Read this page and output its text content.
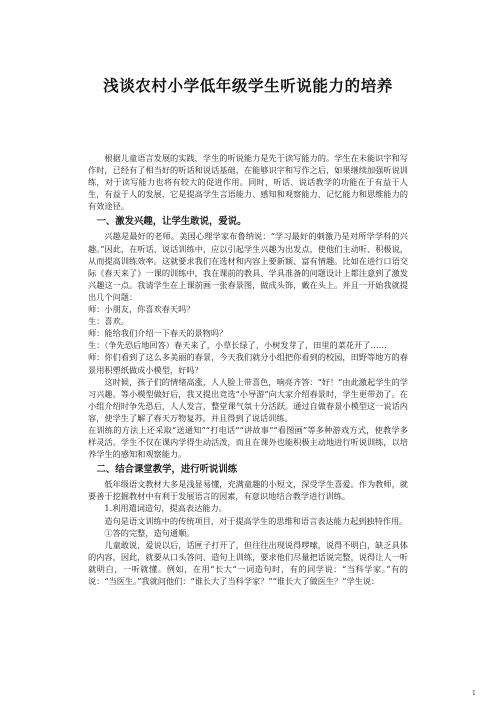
浅谈农村小学低年级学生听说能力的培养

根据儿童语言发展的实践，学生的听说能力是先于读写能力的。学生在未能识字和写作时，已经有了相当好的听话和说话基础，在能够识字和写作之后，如果继续加强听说训练，对于读写能力也将有较大的促进作用。同时，听话、说话教学的功能在于有益于人生，有益于人的发展，它是提高学生言语能力、感知和观察能力、记忆能力和思维能力的有效途径。

一、激发兴趣，让学生敢说，爱说。

兴趣是最好的老师。美国心理学家布鲁纳说：“学习最好的刺激乃是对所学学科的兴趣。”因此，在听话、说话训练中，应以引起学生兴趣为出发点，使他们主动听、积极说，从而提高训练效率。这就要求我们在选材和内容上要新颖、富有情趣。比如在进行口语交际《春天来了》一课的训练中，我在课前的教具、学具准备的问题设计上都注意到了激发兴趣这一点。我请学生在上课前画一张春景图，做成头饰，戴在头上。并且一开始我就提出几个问题：

师：小朋友，你喜欢春天吗？

生：喜欢。

师：能给我们介绍一下春天的景物吗？

生：（争先恐后地回答）春天来了，小草长绿了，小树发芽了，田里的菜花开了……

师：你们看到了这么多美丽的春景，今天我们就分小组把你看到的校园，田野等地方的春景用积塑纸做成小模型，好吗？

这时候，孩子们的情绪高涨，人人脸上带喜色，响亮齐答：“好！”由此激起学生的学习兴趣。等小模型做好后，我又提出竞选“小导游”向大家介绍春景时，学生更带劲了。在小组介绍时争先恐后，人人发言，整堂课气氛十分活跃。通过自做春景小模型这一说话内容，使学生了解了春天万物复苏，并且得到了说话训练。

在训练的方法上还采取“送通知”“打电话”“讲故事”“看图画”等多种游戏方式，使教学多样灵活。学生不仅在课内学得生动活泼，而且在课外也能积极主动地进行听说训练，以培养学生的感知和观察能力。

二、结合课堂教学，进行听说训练

低年级语文教材大多是浅显易懂，充满童趣的小短文，深受学生喜爱。作为教师，就要善于挖掘教材中有利于发展语言的因素，有意识地结合教学进行训练。

1.利用遣词造句，提高表达能力。

造句是语文训练中的传统项目，对于提高学生的思维和语言表达能力起到独特作用。

①答的完整，造句通顺。

儿童敢说，爱说以后，话匣子打开了，但往往出现说得啰嗦，说得不明白，缺乏具体的内容，因此，就要从口头答问、造句上训练，要求他们尽量把话说完整，说得让人一听就明白，一听就懂。例如，在用“长大”一词造句时，有的同学说：“当科学家。”有的说：“当医生。”我就问他们：“谁长大了当科学家？”“谁长大了做医生？”学生说：

1
